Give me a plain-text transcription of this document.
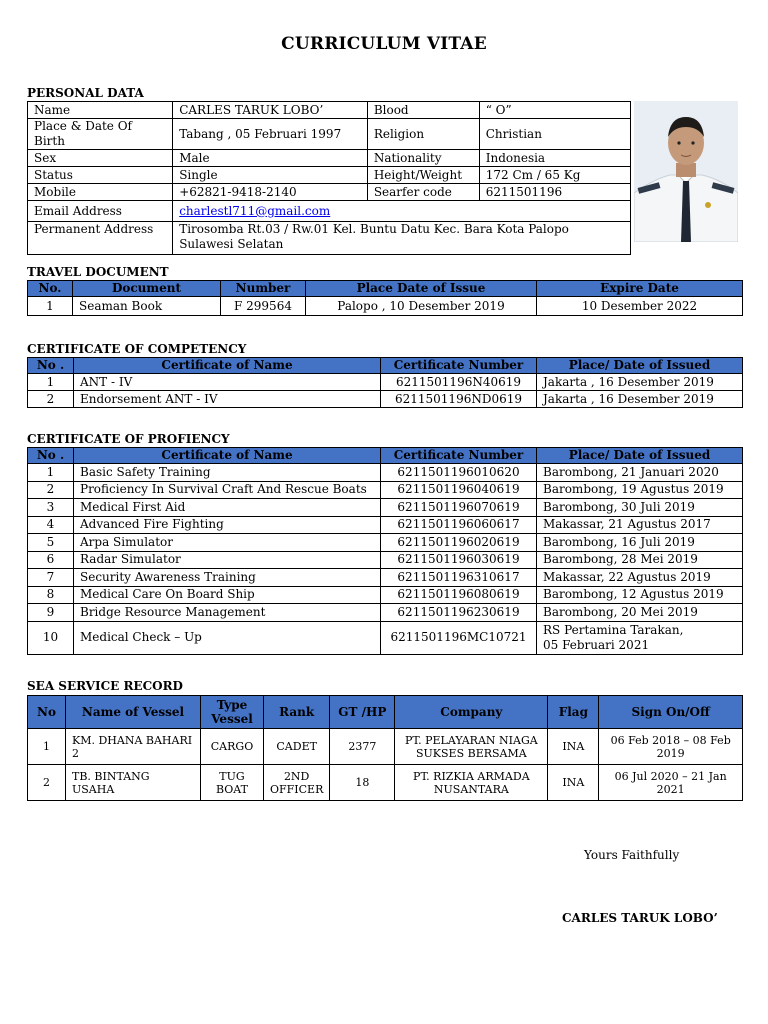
CURRICULUM VITAE
PERSONAL DATA
Name	CARLES TARUK LOBO’	Blood	“ O”
Place & Date Of Birth	Tabang , 05 Februari 1997	Religion	Christian
Sex	Male	Nationality	Indonesia
Status	Single	Height/Weight	172 Cm / 65 Kg
Mobile	+62821-9418-2140	Searfer code	6211501196
Email Address	charlestl711@gmail.com		
Permanent Address	Tirosomba Rt.03 / Rw.01 Kel. Buntu Datu Kec. Bara Kota Palopo Sulawesi Selatan		
TRAVEL DOCUMENT
No.	Document	Number	Place Date of Issue	Expire Date
1	Seaman Book	F 299564	Palopo , 10 Desember 2019	10 Desember 2022
CERTIFICATE OF COMPETENCY
No .	Certificate of Name	Certificate Number	Place/ Date of Issued
1	ANT - IV	6211501196N40619	Jakarta , 16 Desember 2019
2	Endorsement ANT - IV	6211501196ND0619	Jakarta , 16 Desember 2019
CERTIFICATE OF PROFIENCY
No .	Certificate of Name	Certificate Number	Place/ Date of Issued
1	Basic Safety Training	6211501196010620	Barombong, 21 Januari 2020
2	Proficiency In Survival Craft And Rescue Boats	6211501196040619	Barombong, 19 Agustus 2019
3	Medical First Aid	6211501196070619	Barombong, 30 Juli 2019
4	Advanced Fire Fighting	6211501196060617	Makassar, 21 Agustus 2017
5	Arpa Simulator	6211501196020619	Barombong, 16 Juli 2019
6	Radar Simulator	6211501196030619	Barombong, 28 Mei 2019
7	Security Awareness Training	6211501196310617	Makassar, 22 Agustus 2019
8	Medical Care On Board Ship	6211501196080619	Barombong, 12 Agustus 2019
9	Bridge Resource Management	6211501196230619	Barombong, 20 Mei 2019
10	Medical Check – Up	6211501196MC10721	RS Pertamina Tarakan,
05 Februari 2021
SEA SERVICE RECORD
No	Name of Vessel	Type Vessel	Rank	GT /HP	Company	Flag	Sign On/Off
1	KM. DHANA BAHARI 2	CARGO	CADET	2377	PT. PELAYARAN NIAGA SUKSES BERSAMA	INA	06 Feb 2018 – 08 Feb 2019
2	TB. BINTANG USAHA	TUG BOAT	2ND OFFICER	18	PT. RIZKIA ARMADA NUSANTARA	INA	06 Jul 2020 – 21 Jan 2021
Yours Faithfully
CARLES TARUK LOBO’
